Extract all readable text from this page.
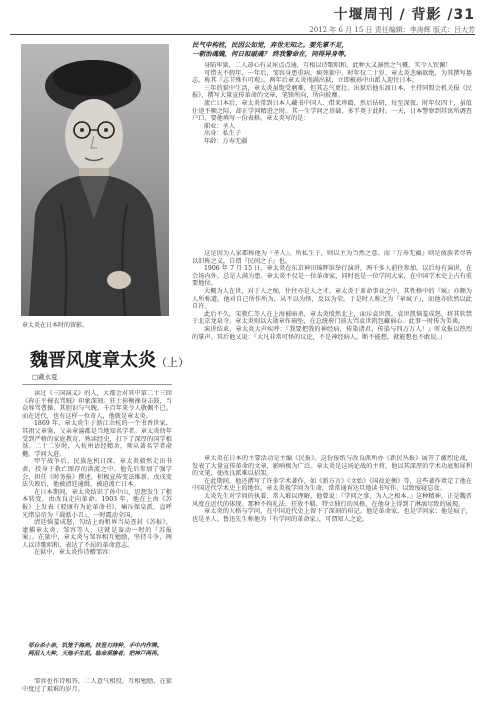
十堰周刊 / 背影 /31
2012 年 6 月 15 日 责任编辑：李涛辉 版式：吕大芳
章太炎在日本时的留影。
魏晋风度章太炎（上）
□戴永夏
民气申构枕，民因公如觉，弃世无知之。要先掌不足，
一朝治魂魄，何日拟破魂？ 终我警命在，同得异身等。

身陷牢狱，二人却心有灵犀点点通，互相以诗歌唱和。此种大义凛然之气概，实令人钦佩！

可惜天不假年，一年后，邹容身患重病，瘐死狱中，时年仅二十岁。章太炎悲痛欲绝，为其撰写墓志，称其『志节殊有可观』。两年后章太炎刑满出狱，立即被孙中山派人迎往日本。

三年的狱中生活，章太炎虽饱受磨难，但其志气更壮。出狱后他东渡日本，主持同盟会机关报《民报》，撰写大量宣传革命的文章，笔锋所向，所向披靡。

流亡日本后，章太炎常到日本人藏书中国人、借来珍籍、然后钻研，每至深夜。时年仅四十，虽值仕途不顺之际，却正学问精进之时。其一生学问之基础，多半奠于此时。一天，日本警察到其寓所调查户口，要他填写一份表格。章太炎写的是：

职业：圣人

出身：私生子

年龄：万寿无疆

这是因为人家都称他为『圣人』。所私生子，则以主为当然之意。而『万寿无疆』则是彼族者尽皆以旧称之义，自谓『民间之子』也。

1906 年 7 月 15 日，章太炎在东京神田锦辉馆举行演讲，两千多人前往参加。以后每有演讲，在会场内外，总是人满为患。章太炎不仅是一位革命家，同时也是一位学问大家，在中国学术史上占有重要地位。

大概为人在世，对于人之痴，往往亦是人之才。章太炎于革命事业之中，其性格中的『疯』亦颇为人所称道。他对自己所作所为，从不以为怪，反以为荣。于是时人称之为『章疯子』，而他亦欣然以此自许。

此后不久，宋教仁等人在上海被暗杀，章太炎愤然北上，面斥袁世凯。袁世凯恼羞成怒，将其软禁于北京龙泉寺。章太炎则以大勋章作扇坠，在总统府门前大骂袁世凯包藏祸心。此事一时传为美谈。

演讲结束，章太炎大声疾呼：『我要把我的神经病，传染诸君，传染与四万万人！』听众报以热烈的掌声。其后他又说：『大凡非常可怪的议论，不是神经病人，断不能想，就能想也不敢说。』

章太炎在日本的主要活动是主编《民报》。这份报纸与改良派所办《新民丛报》展开了激烈论战，发表了大量宣传革命的文章，影响极为广泛。章太炎是这场论战的主将，他以其深厚的学术功底和犀利的文笔，使改良派难以招架。

在此期间，他还撰写了许多学术著作，如《新方言》《文始》《国故论衡》等，这些著作奠定了他在中国近代学术史上的地位。章太炎视学问为生命，常常通宵达旦地读书写作，以致废寝忘食。

太炎先生对学问的执着，常人难以理解。他曾说：『学问之事，为人之根本。』这种精神，正是魏晋风度在近代的体现。那种不拘礼法、狂放不羁、特立独行的风格，在他身上得到了淋漓尽致的展现。

章太炎的人格与学问，在中国近代史上留下了深刻的印记。他是革命家，也是学问家；他是疯子，也是圣人。鲁迅先生称他为『有学问的革命家』，可谓知人之论。

读过《三国演义》的人，大都会对其中第二十三回《祢正平裸衣骂贼》印象深刻。狂士祢衡裸身击鼓，当众辱骂曹操，其胆识与气魄，千百年来令人敬佩不已。而在近代，也有这样一位奇人，他就是章太炎。

1869 年，章太炎生于浙江余杭的一个书香世家。其祖父章鉴，父亲章濬都是当地知名学者。章太炎幼年受到严格的家庭教育，熟读经史，打下了深厚的国学根基。二十二岁时，入杭州诂经精舍，师从著名学者俞樾，学问大进。

甲午战争后，民族危机日深，章太炎毅然走出书斋，投身于救亡图存的洪流之中。他先后参加了强学会，担任《时务报》撰述，积极宣传变法维新。戊戌变法失败后，他被清廷通缉，被迫流亡日本。

在日本期间，章太炎结识了孙中山，思想发生了根本转变，由改良走向革命。1903 年，他在上海《苏报》上发表《驳康有为论革命书》，痛斥保皇派，直呼光绪皇帝为『载湉小丑』，一时震动全国。

清廷恼羞成怒，勾结上海租界当局查封《苏报》，逮捕章太炎、邹容等人，这就是轰动一时的『苏报案』。在狱中，章太炎与邹容相互勉励，坚持斗争，两人以诗歌唱和，表达了不屈的革命意志。

在狱中，章太炎作诗赠邹容：

邻台杀小亲，饥笼于海洲。扶竖刃持种，手中内作牌。
两泪人大种，天地手生泥。临命须掺者，把神戸两再。

邹容也作诗相答，二人意气相投，互相勉励，在狱中度过了艰难的岁月。
